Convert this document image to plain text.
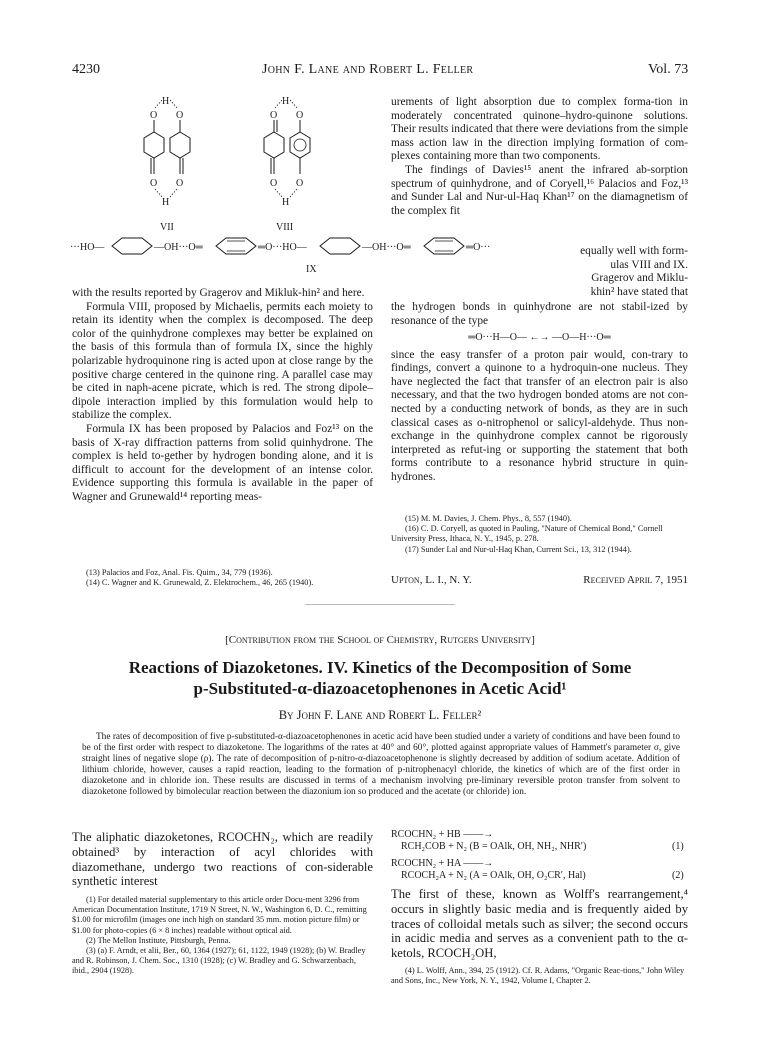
4230	John F. Lane and Robert L. Feller	Vol. 73
H
O O
O O
H
VII
H
O O
O O
H
VIII
···HO—	—OH···O═	═O···HO—	—OH···O═	═O···
IX

urements of light absorption due to complex forma-tion in moderately concentrated quinone–hydro-quinone solutions. Their results indicated that there were deviations from the simple mass action law in the direction implying formation of com-plexes containing more than two components.

The findings of Davies¹⁵ anent the infrared ab-sorption spectrum of quinhydrone, and of Coryell,¹⁶ Palacios and Foz,¹³ and Sunder Lal and Nur-ul-Haq Khan¹⁷ on the diamagnetism of the complex fit

equally well with form-

ulas VIII and IX.

Gragerov and Miklu-

khin² have stated that

with the results reported by Gragerov and Mikluk-hin² and here.

Formula VIII, proposed by Michaelis, permits each moiety to retain its identity when the complex is decomposed. The deep color of the quinhydrone complexes may better be explained on the basis of this formula than of formula IX, since the highly polarizable hydroquinone ring is acted upon at close range by the positive charge centered in the quinone ring. A parallel case may be cited in naph-acene picrate, which is red. The strong dipole–dipole interaction implied by this formulation would help to stabilize the complex.

Formula IX has been proposed by Palacios and Foz¹³ on the basis of X-ray diffraction patterns from solid quinhydrone. The complex is held to-gether by hydrogen bonding alone, and it is difficult to account for the development of an intense color. Evidence supporting this formula is available in the paper of Wagner and Grunewald¹⁴ reporting meas-

(13) Palacios and Foz, Anal. Fis. Quim., 34, 779 (1936).

(14) C. Wagner and K. Grunewald, Z. Elektrochem., 46, 265 (1940).

the hydrogen bonds in quinhydrone are not stabil-ized by resonance of the type

═O···H—O— ←→ —O—H···O═

since the easy transfer of a proton pair would, con-trary to findings, convert a quinone to a hydroquin-one nucleus. They have neglected the fact that transfer of an electron pair is also necessary, and that the two hydrogen bonded atoms are not con-nected by a conducting network of bonds, as they are in such classical cases as o-nitrophenol or salicyl-aldehyde. Thus non-exchange in the quinhydrone complex cannot be rigorously interpreted as refut-ing or supporting the statement that both forms contribute to a resonance hybrid structure in quin-hydrones.

(15) M. M. Davies, J. Chem. Phys., 8, 557 (1940).

(16) C. D. Coryell, as quoted in Pauling, "Nature of Chemical Bond," Cornell University Press, Ithaca, N. Y., 1945, p. 278.

(17) Sunder Lal and Nur-ul-Haq Khan, Current Sci., 13, 312 (1944).

Upton, L. I., N. Y.	Received April 7, 1951
[Contribution from the School of Chemistry, Rutgers University]
Reactions of Diazoketones. IV. Kinetics of the Decomposition of Some
p-Substituted-α-diazoacetophenones in Acetic Acid¹
By John F. Lane and Robert L. Feller²
The rates of decomposition of five p-substituted-α-diazoacetophenones in acetic acid have been studied under a variety of conditions and have been found to be of the first order with respect to diazoketone. The logarithms of the rates at 40° and 60°, plotted against appropriate values of Hammett's parameter σ, give straight lines of negative slope (ρ). The rate of decomposition of p-nitro-α-diazoacetophenone is slightly decreased by addition of sodium acetate. Addition of lithium chloride, however, causes a rapid reaction, leading to the formation of p-nitrophenacyl chloride, the kinetics of which are of the first order in diazoketone and in chloride ion. These results are discussed in terms of a mechanism involving pre-liminary reversible proton transfer from solvent to diazoketone followed by bimolecular reaction between the diazonium ion so produced and the acetate (or chloride) ion.
The aliphatic diazoketones, RCOCHN₂, which are readily obtained³ by interaction of acyl chlorides with diazomethane, undergo two reactions of con-siderable synthetic interest

(1) For detailed material supplementary to this article order Docu-ment 3296 from American Documentation Institute, 1719 N Street, N. W., Washington 6, D. C., remitting $1.00 for microfilm (images one inch high on standard 35 mm. motion picture film) or $1.00 for photo-copies (6 × 8 inches) readable without optical aid.

(2) The Mellon Institute, Pittsburgh, Penna.

(3) (a) F. Arndt, et alii, Ber., 60, 1364 (1927); 61, 1122, 1949 (1928); (b) W. Bradley and R. Robinson, J. Chem. Soc., 1310 (1928); (c) W. Bradley and G. Schwarzenbach, ibid., 2904 (1928).

RCOCHN₂ + HB ——→
RCH₂COB + N₂ (B = OAlk, OH, NH₂, NHR′)	(1)
RCOCHN₂ + HA ——→
RCOCH₂A + N₂ (A = OAlk, OH, O₂CR′, Hal)	(2)
The first of these, known as Wolff's rearrangement,⁴ occurs in slightly basic media and is frequently aided by traces of colloidal metals such as silver; the second occurs in acidic media and serves as a convenient path to the α-ketols, RCOCH₂OH,

(4) L. Wolff, Ann., 394, 25 (1912). Cf. R. Adams, "Organic Reac-tions," John Wiley and Sons, Inc., New York, N. Y., 1942, Volume I, Chapter 2.
